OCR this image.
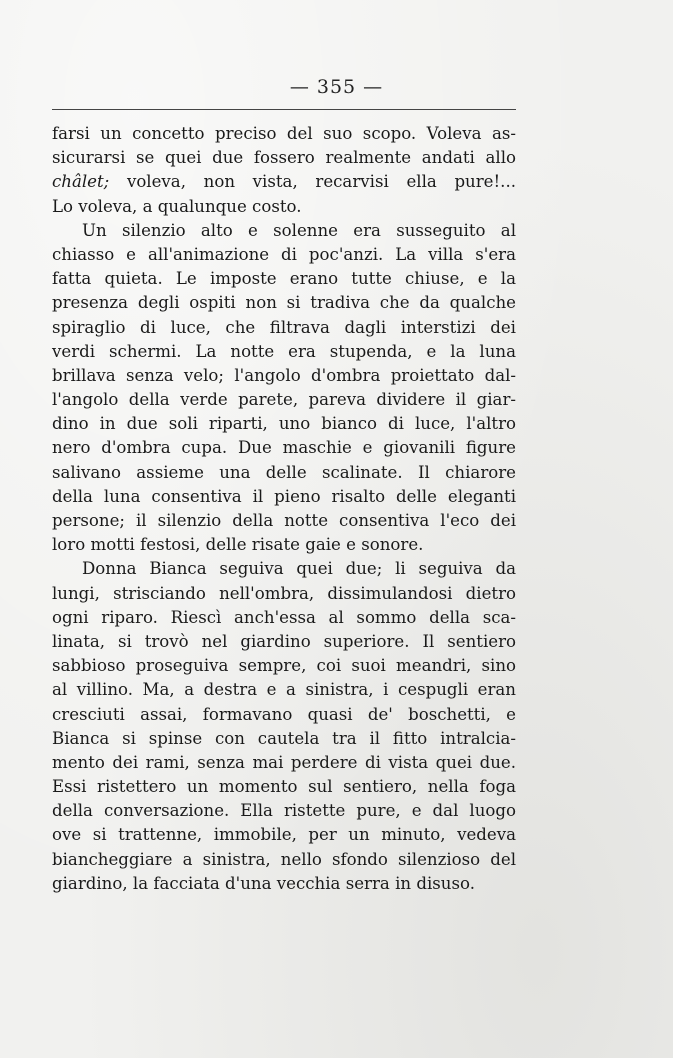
— 355 —
farsi un concetto preciso del suo scopo. Voleva as-
sicurarsi se quei due fossero realmente andati allo
châlet; voleva, non vista, recarvisi ella pure!...
Lo voleva, a qualunque costo.
Un silenzio alto e solenne era susseguito al
chiasso e all'animazione di poc'anzi. La villa s'era
fatta quieta. Le imposte erano tutte chiuse, e la
presenza degli ospiti non si tradiva che da qualche
spiraglio di luce, che filtrava dagli interstizi dei
verdi schermi. La notte era stupenda, e la luna
brillava senza velo; l'angolo d'ombra proiettato dal-
l'angolo della verde parete, pareva dividere il giar-
dino in due soli riparti, uno bianco di luce, l'altro
nero d'ombra cupa. Due maschie e giovanili figure
salivano assieme una delle scalinate. Il chiarore
della luna consentiva il pieno risalto delle eleganti
persone; il silenzio della notte consentiva l'eco dei
loro motti festosi, delle risate gaie e sonore.
Donna Bianca seguiva quei due; li seguiva da
lungi, strisciando nell'ombra, dissimulandosi dietro
ogni riparo. Riescì anch'essa al sommo della sca-
linata, si trovò nel giardino superiore. Il sentiero
sabbioso proseguiva sempre, coi suoi meandri, sino
al villino. Ma, a destra e a sinistra, i cespugli eran
cresciuti assai, formavano quasi de' boschetti, e
Bianca si spinse con cautela tra il fitto intralcia-
mento dei rami, senza mai perdere di vista quei due.
Essi ristettero un momento sul sentiero, nella foga
della conversazione. Ella ristette pure, e dal luogo
ove si trattenne, immobile, per un minuto, vedeva
biancheggiare a sinistra, nello sfondo silenzioso del
giardino, la facciata d'una vecchia serra in disuso.
